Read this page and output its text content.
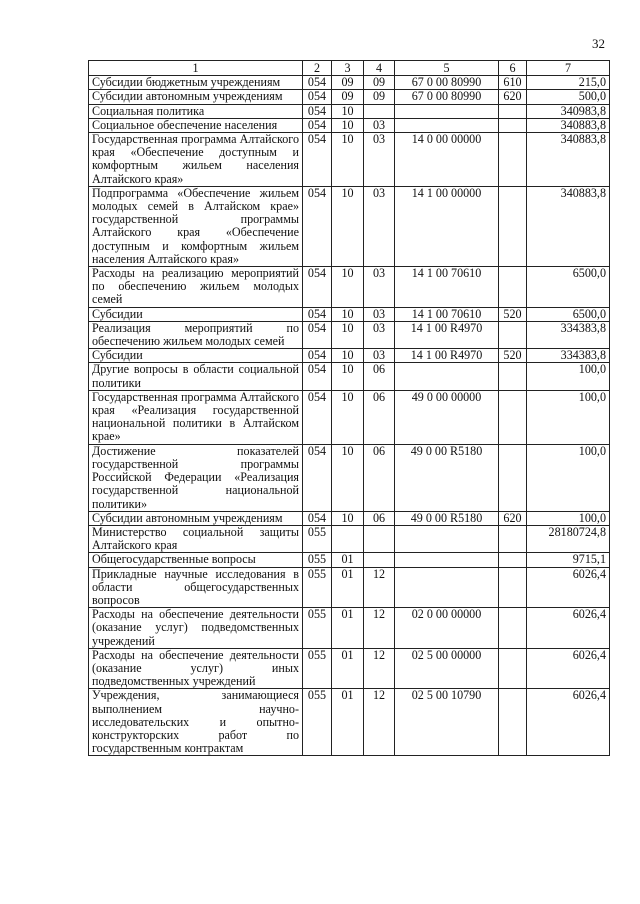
32
1	2	3	4	5	6	7
Субсидии бюджетным учреждениям	054	09	09	67 0 00 80990	610	215,0
Субсидии автономным учреждениям	054	09	09	67 0 00 80990	620	500,0
Социальная политика	054	10				340983,8
Социальное обеспечение населения	054	10	03			340883,8
Государственная программа Алтайского края «Обеспечение доступным и комфортным жильем населения Алтайского края»	054	10	03	14 0 00 00000		340883,8
Подпрограмма «Обеспечение жильем молодых семей в Алтайском крае» государственной программы Алтайского края «Обеспечение доступным и комфортным жильем населения Алтайского края»	054	10	03	14 1 00 00000		340883,8
Расходы на реализацию мероприятий по обеспечению жильем молодых семей	054	10	03	14 1 00 70610		6500,0
Субсидии	054	10	03	14 1 00 70610	520	6500,0
Реализация мероприятий по обеспечению жильем молодых семей	054	10	03	14 1 00 R4970		334383,8
Субсидии	054	10	03	14 1 00 R4970	520	334383,8
Другие вопросы в области социальной политики	054	10	06			100,0
Государственная программа Алтайского края «Реализация государственной национальной политики в Алтайском крае»	054	10	06	49 0 00 00000		100,0
Достижение показателей государственной программы Российской Федерации «Реализация государственной национальной политики»	054	10	06	49 0 00 R5180		100,0
Субсидии автономным учреждениям	054	10	06	49 0 00 R5180	620	100,0
Министерство социальной защиты Алтайского края	055					28180724,8
Общегосударственные вопросы	055	01				9715,1
Прикладные научные исследования в области общегосударственных вопросов	055	01	12			6026,4
Расходы на обеспечение деятельности (оказание услуг) подведомственных учреждений	055	01	12	02 0 00 00000		6026,4
Расходы на обеспечение деятельности (оказание услуг) иных подведомственных учреждений	055	01	12	02 5 00 00000		6026,4
Учреждения, занимающиеся выполнением научно-исследовательских и опытно-конструкторских работ по государственным контрактам	055	01	12	02 5 00 10790		6026,4
